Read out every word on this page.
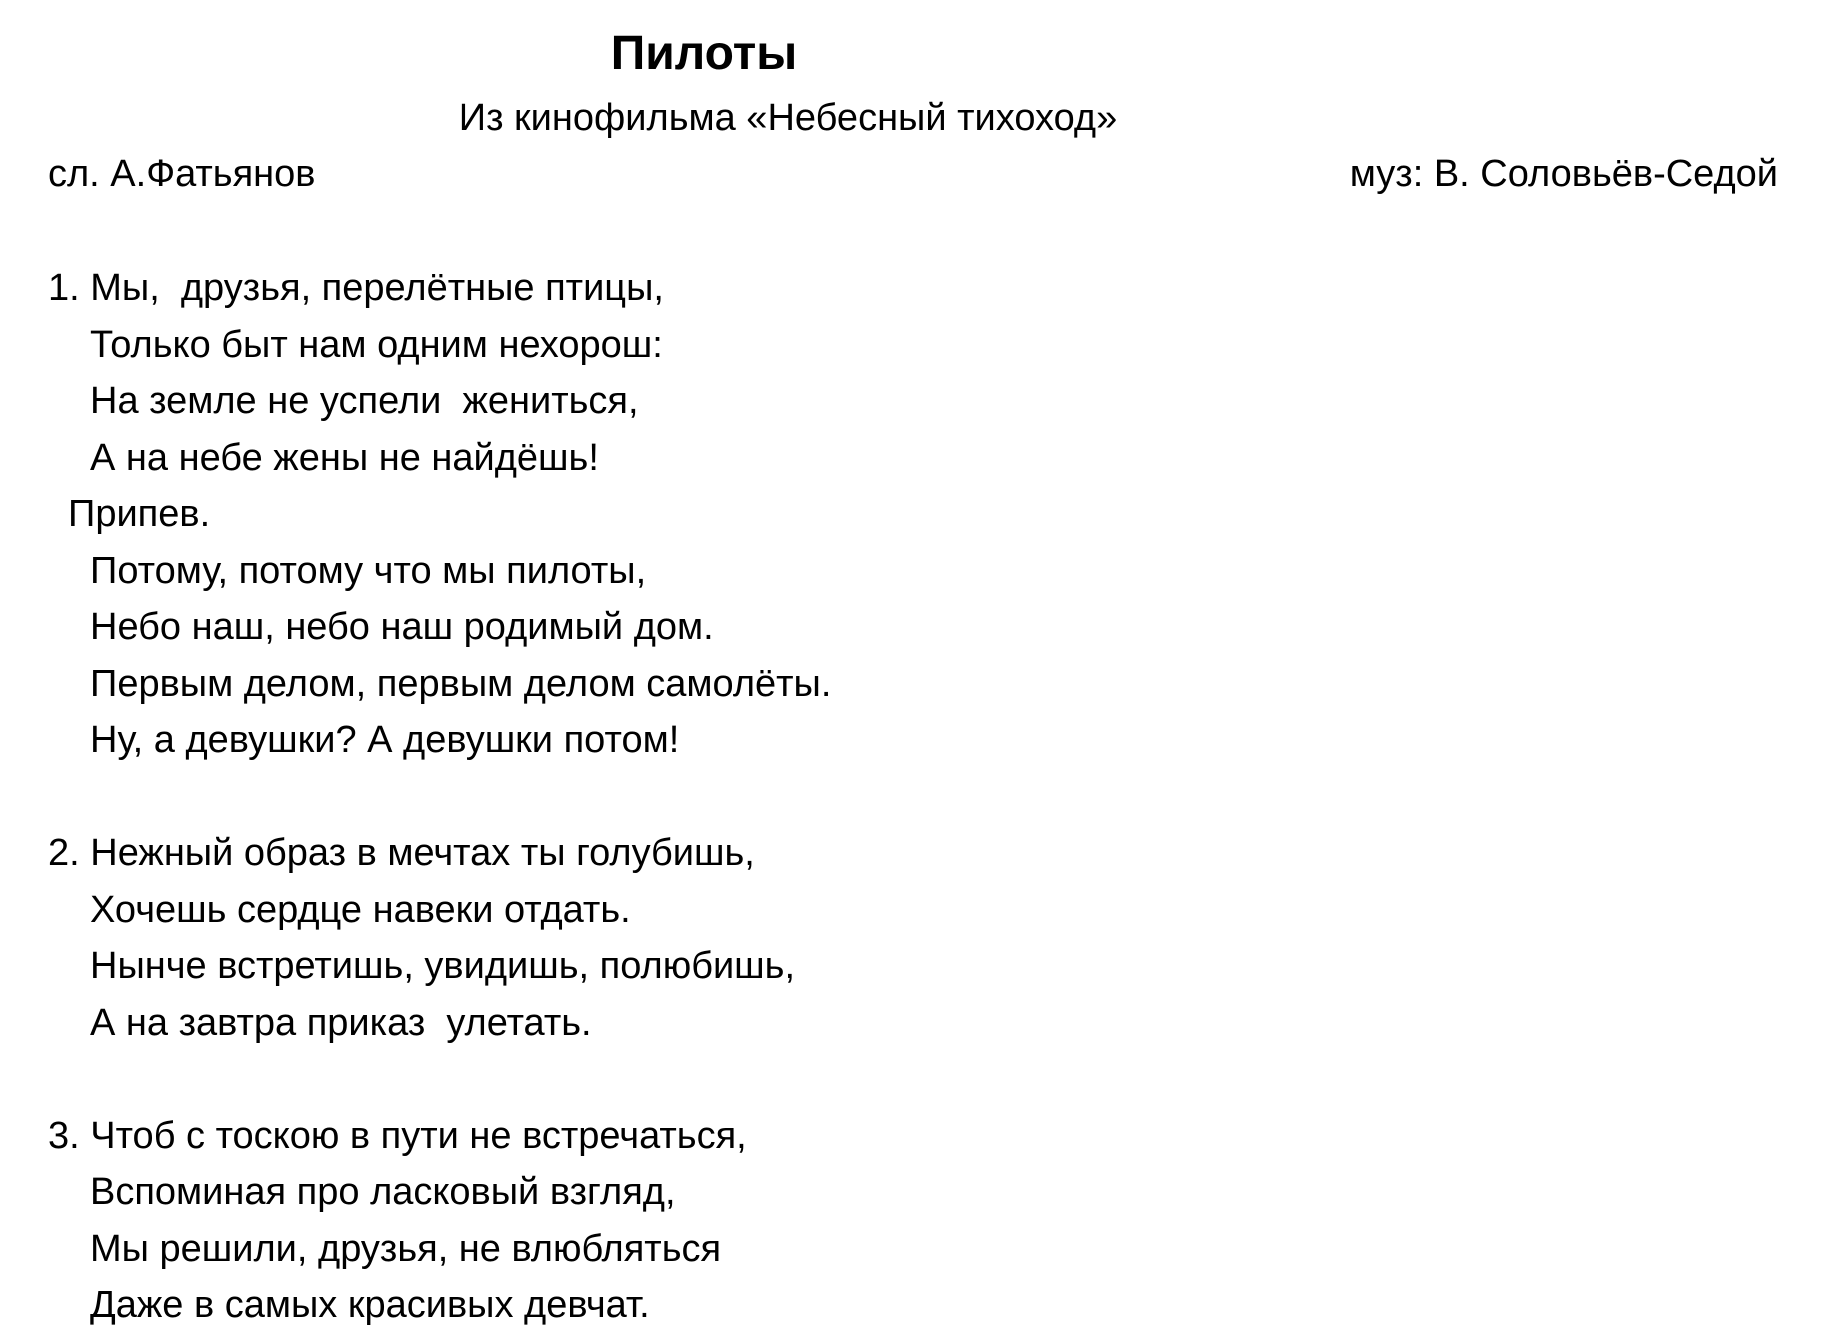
Пилоты
Из кинофильма «Небесный тихоход»
сл. А.Фатьянов	муз: В. Соловьёв-Седой
1. Мы,  друзья, перелётные птицы,
Только быт нам одним нехорош:
На земле не успели  жениться,
А на небе жены не найдёшь!
Припев.
Потому, потому что мы пилоты,
Небо наш, небо наш родимый дом.
Первым делом, первым делом самолёты.
Ну, а девушки? А девушки потом!
2. Нежный образ в мечтах ты голубишь,
Хочешь сердце навеки отдать.
Нынче встретишь, увидишь, полюбишь,
А на завтра приказ  улетать.
3. Чтоб с тоскою в пути не встречаться,
Вспоминая про ласковый взгляд,
Мы решили, друзья, не влюбляться
Даже в самых красивых девчат.
